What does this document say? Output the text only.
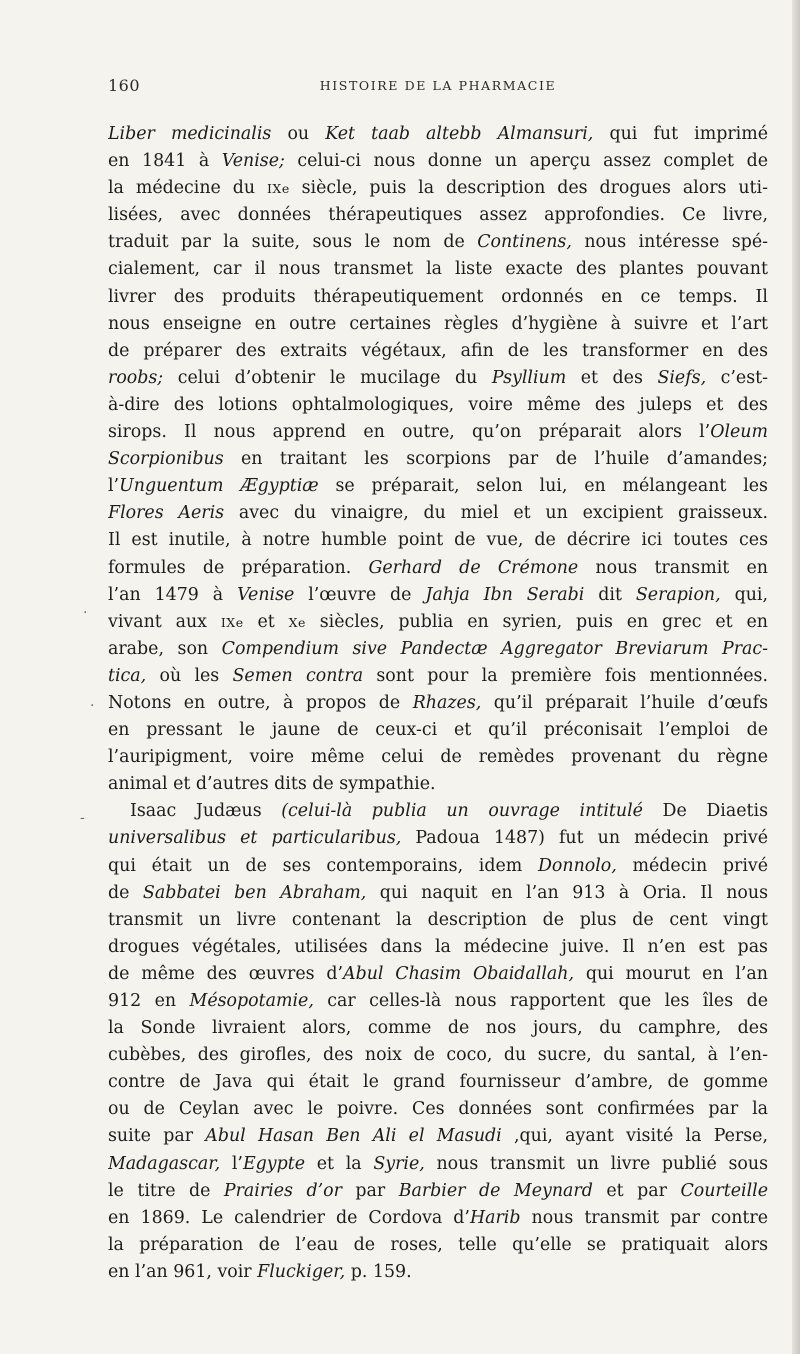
160	HISTOIRE DE LA PHARMACIE
Liber medicinalis ou Ket taab altebb Almansuri, qui fut imprimé
en 1841 à Venise; celui-ci nous donne un aperçu assez complet de
la médecine du IXe siècle, puis la description des drogues alors uti-
lisées, avec données thérapeutiques assez approfondies. Ce livre,
traduit par la suite, sous le nom de Continens, nous intéresse spé-
cialement, car il nous transmet la liste exacte des plantes pouvant
livrer des produits thérapeutiquement ordonnés en ce temps. Il
nous enseigne en outre certaines règles d’hygiène à suivre et l’art
de préparer des extraits végétaux, afin de les transformer en des
roobs; celui d’obtenir le mucilage du Psyllium et des Siefs, c’est-
à-dire des lotions ophtalmologiques, voire même des juleps et des
sirops. Il nous apprend en outre, qu’on préparait alors l’Oleum
Scorpionibus en traitant les scorpions par de l’huile d’amandes;
l’Unguentum Ægyptiæ se préparait, selon lui, en mélangeant les
Flores Aeris avec du vinaigre, du miel et un excipient graisseux.
Il est inutile, à notre humble point de vue, de décrire ici toutes ces
formules de préparation. Gerhard de Crémone nous transmit en
l’an 1479 à Venise l’œuvre de Jahja Ibn Serabi dit Serapion, qui,
vivant aux IXe et Xe siècles, publia en syrien, puis en grec et en
arabe, son Compendium sive Pandectæ Aggregator Breviarum Prac-
tica, où les Semen contra sont pour la première fois mentionnées.
Notons en outre, à propos de Rhazes, qu’il préparait l’huile d’œufs
en pressant le jaune de ceux-ci et qu’il préconisait l’emploi de
l’auripigment, voire même celui de remèdes provenant du règne
animal et d’autres dits de sympathie.
Isaac Judæus (celui-là publia un ouvrage intitulé De Diaetis
universalibus et particularibus, Padoua 1487) fut un médecin privé
qui était un de ses contemporains, idem Donnolo, médecin privé
de Sabbatei ben Abraham, qui naquit en l’an 913 à Oria. Il nous
transmit un livre contenant la description de plus de cent vingt
drogues végétales, utilisées dans la médecine juive. Il n’en est pas
de même des œuvres d’Abul Chasim Obaidallah, qui mourut en l’an
912 en Mésopotamie, car celles-là nous rapportent que les îles de
la Sonde livraient alors, comme de nos jours, du camphre, des
cubèbes, des girofles, des noix de coco, du sucre, du santal, à l’en-
contre de Java qui était le grand fournisseur d’ambre, de gomme
ou de Ceylan avec le poivre. Ces données sont confirmées par la
suite par Abul Hasan Ben Ali el Masudi ,qui, ayant visité la Perse,
Madagascar, l’Egypte et la Syrie, nous transmit un livre publié sous
le titre de Prairies d’or par Barbier de Meynard et par Courteille
en 1869. Le calendrier de Cordova d’Harib nous transmit par contre
la préparation de l’eau de roses, telle qu’elle se pratiquait alors
en l’an 961, voir Fluckiger, p. 159.
.
.
-
